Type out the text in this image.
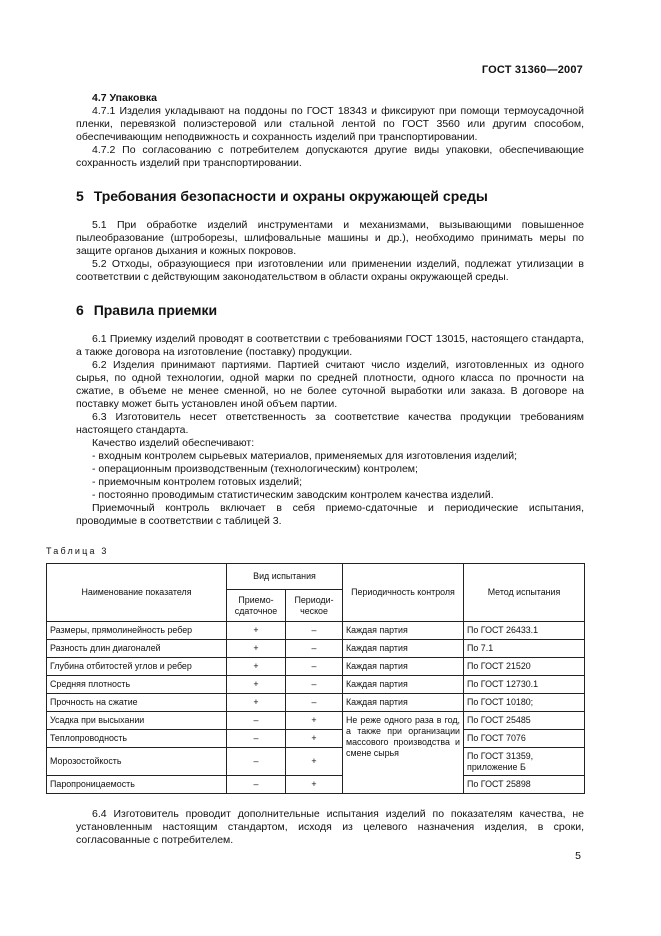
ГОСТ 31360—2007

4.7 Упаковка

4.7.1 Изделия укладывают на поддоны по ГОСТ 18343 и фиксируют при помощи термоусадочной пленки, перевязкой полиэстеровой или стальной лентой по ГОСТ 3560 или другим способом, обеспечивающим неподвижность и сохранность изделий при транспортировании.

4.7.2 По согласованию с потребителем допускаются другие виды упаковки, обеспечивающие сохранность изделий при транспортировании.

5 Требования безопасности и охраны окружающей среды

5.1 При обработке изделий инструментами и механизмами, вызывающими повышенное пылеобразование (штроборезы, шлифовальные машины и др.), необходимо принимать меры по защите органов дыхания и кожных покровов.

5.2 Отходы, образующиеся при изготовлении или применении изделий, подлежат утилизации в соответствии с действующим законодательством в области охраны окружающей среды.

6 Правила приемки

6.1 Приемку изделий проводят в соответствии с требованиями ГОСТ 13015, настоящего стандарта, а также договора на изготовление (поставку) продукции.

6.2 Изделия принимают партиями. Партией считают число изделий, изготовленных из одного сырья, по одной технологии, одной марки по средней плотности, одного класса по прочности на сжатие, в объеме не менее сменной, но не более суточной выработки или заказа. В договоре на поставку может быть установлен иной объем партии.

6.3 Изготовитель несет ответственность за соответствие качества продукции требованиям настоящего стандарта.

Качество изделий обеспечивают:

- входным контролем сырьевых материалов, применяемых для изготовления изделий;

- операционным производственным (технологическим) контролем;

- приемочным контролем готовых изделий;

- постоянно проводимым статистическим заводским контролем качества изделий.

Приемочный контроль включает в себя приемо-сдаточные и периодические испытания, проводимые в соответствии с таблицей 3.

Таблица 3

Наименование показателя	Вид испытания		Периодичность контроля	Метод испытания
	Приемо-сдаточное	Периоди-ческое		
Размеры, прямолинейность ребер	+	–	Каждая партия	По ГОСТ 26433.1
Разность длин диагоналей	+	–	Каждая партия	По 7.1
Глубина отбитостей углов и ребер	+	–	Каждая партия	По ГОСТ 21520
Средняя плотность	+	–	Каждая партия	По ГОСТ 12730.1
Прочность на сжатие	+	–	Каждая партия	По ГОСТ 10180;
Усадка при высыхании	–	+	Не реже одного раза в год, а также при организации массового производства и смене сырья	По ГОСТ 25485
Теплопроводность	–	+		По ГОСТ 7076
Морозостойкость	–	+		По ГОСТ 31359, приложение Б
Паропроницаемость	–	+		По ГОСТ 25898

6.4 Изготовитель проводит дополнительные испытания изделий по показателям качества, не установленным настоящим стандартом, исходя из целевого назначения изделия, в сроки, согласованные с потребителем.

5
